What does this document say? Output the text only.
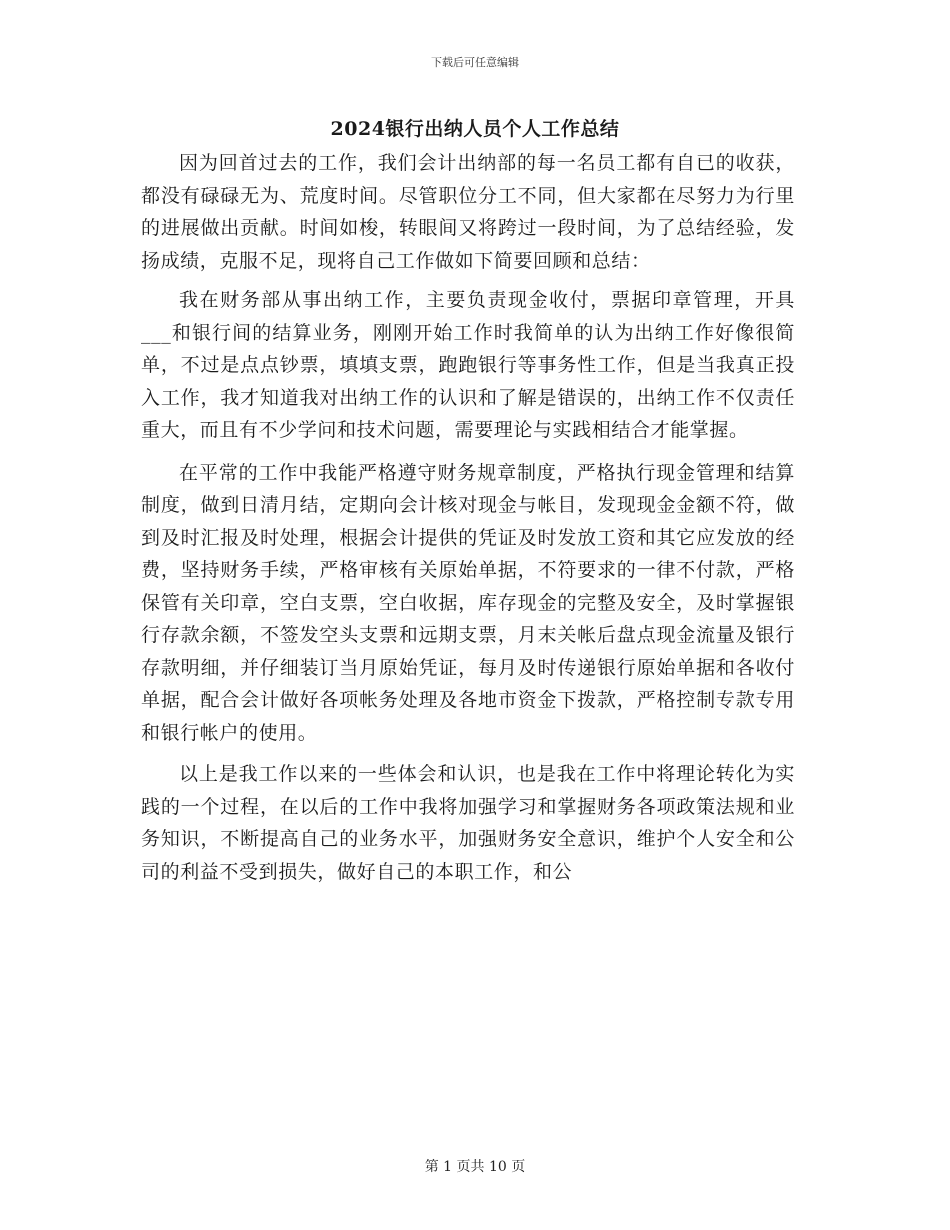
下载后可任意编辑
2024银行出纳人员个人工作总结

因为回首过去的工作，我们会计出纳部的每一名员工都有自已的收获，都没有碌碌无为、荒度时间。尽管职位分工不同，但大家都在尽努力为行里的进展做出贡献。时间如梭，转眼间又将跨过一段时间，为了总结经验，发扬成绩，克服不足，现将自己工作做如下简要回顾和总结：

我在财务部从事出纳工作，主要负责现金收付，票据印章管理，开具___和银行间的结算业务，刚刚开始工作时我简单的认为出纳工作好像很简单，不过是点点钞票，填填支票，跑跑银行等事务性工作，但是当我真正投入工作，我才知道我对出纳工作的认识和了解是错误的，出纳工作不仅责任重大，而且有不少学问和技术问题，需要理论与实践相结合才能掌握。

在平常的工作中我能严格遵守财务规章制度，严格执行现金管理和结算制度，做到日清月结，定期向会计核对现金与帐目，发现现金金额不符，做到及时汇报及时处理，根据会计提供的凭证及时发放工资和其它应发放的经费，坚持财务手续，严格审核有关原始单据，不符要求的一律不付款，严格保管有关印章，空白支票，空白收据，库存现金的完整及安全，及时掌握银行存款余额，不签发空头支票和远期支票，月末关帐后盘点现金流量及银行存款明细，并仔细装订当月原始凭证，每月及时传递银行原始单据和各收付单据，配合会计做好各项帐务处理及各地市资金下拨款，严格控制专款专用和银行帐户的使用。

以上是我工作以来的一些体会和认识，也是我在工作中将理论转化为实践的一个过程，在以后的工作中我将加强学习和掌握财务各项政策法规和业务知识，不断提高自己的业务水平，加强财务安全意识，维护个人安全和公司的利益不受到损失，做好自己的本职工作，和公

第 1 页共 10 页
